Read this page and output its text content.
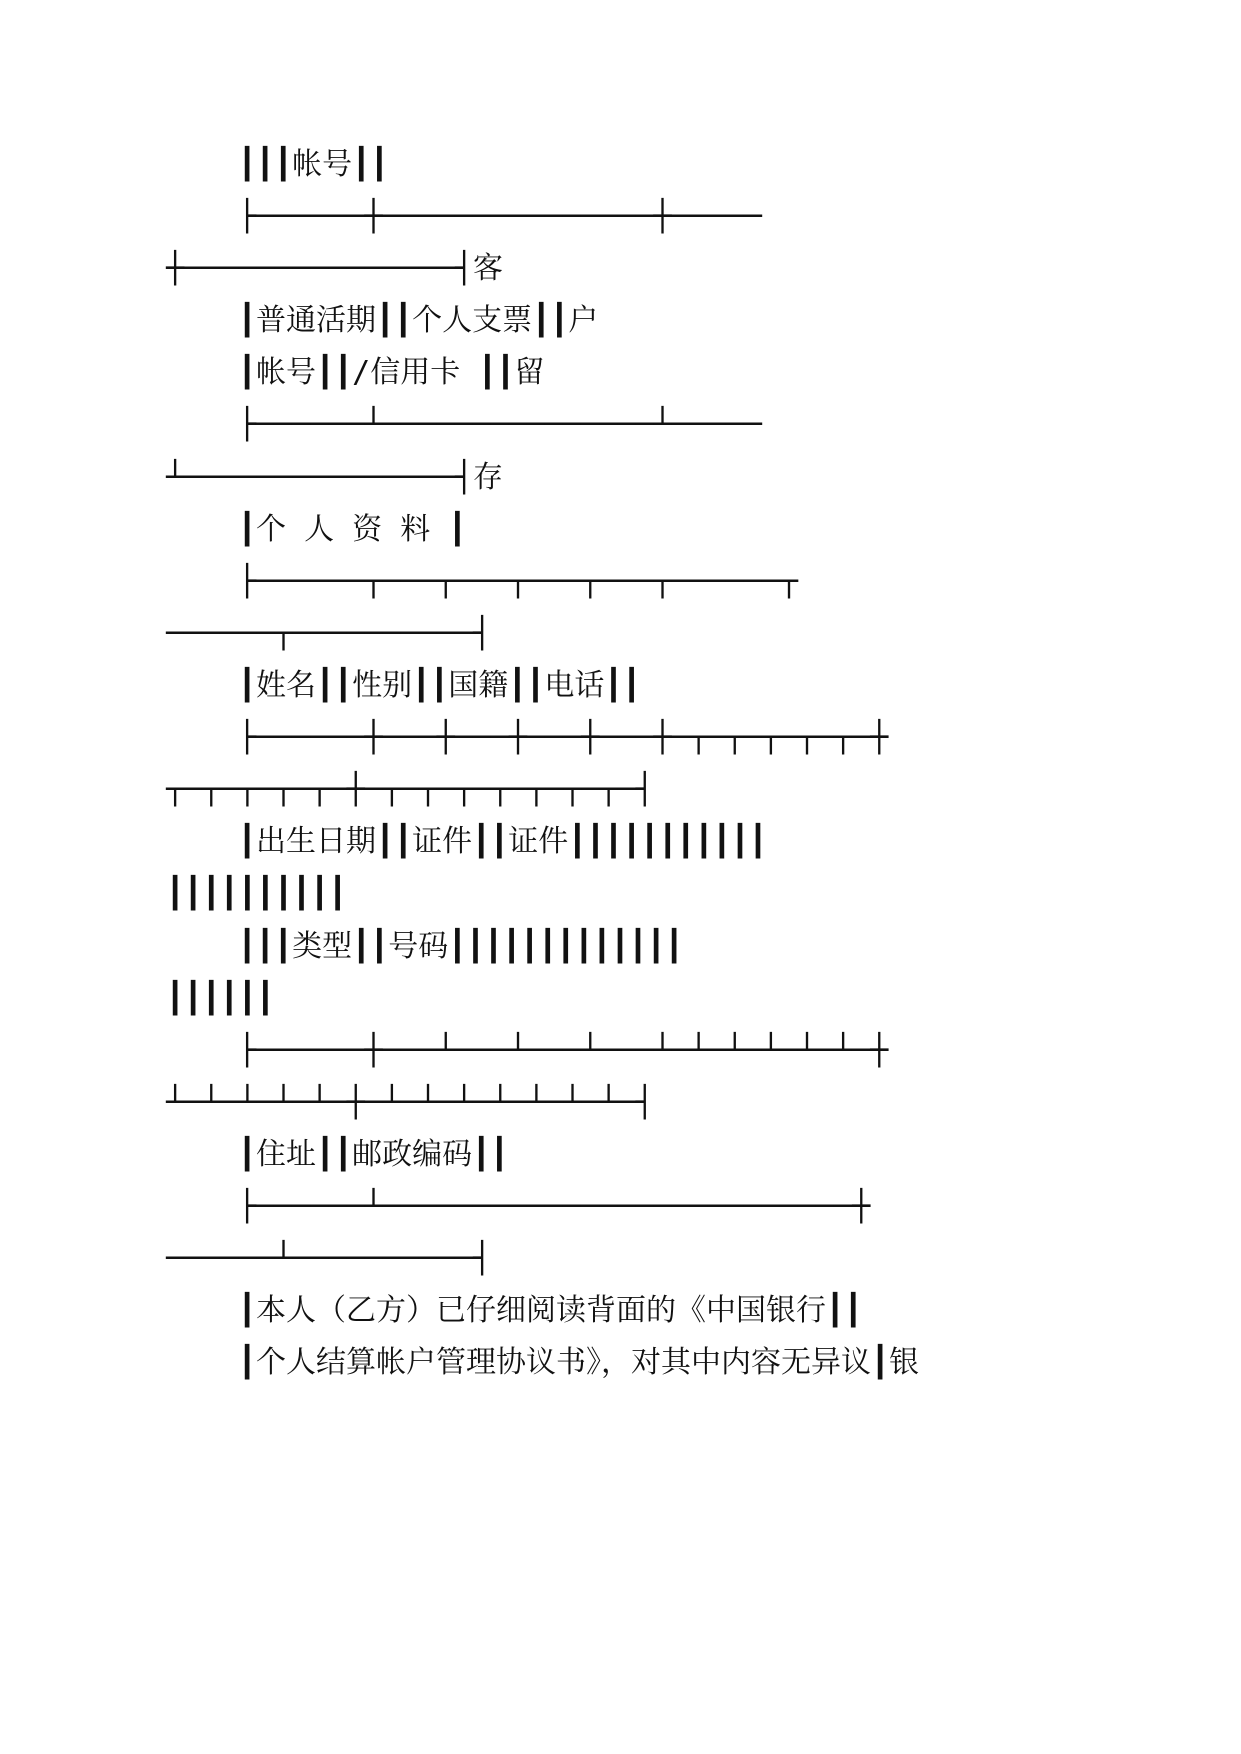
┃┃┃帐号┃┃
├──────┼───────────────┼─────
┼───────────────┤客
┃普通活期┃┃个人支票┃┃户
┃帐号┃┃/信用卡 ┃┃留
├──────┴───────────────┴─────
┴───────────────┤存
┃个 人 资 料 ┃
├──────┬───┬───┬───┬───┬──────┬
──────┬──────────┤
┃姓名┃┃性别┃┃国籍┃┃电话┃┃
├──────┼───┼───┼───┼───┼─┬─┬─┬─┬─┬─┼
┬─┬─┬─┬─┬─┼─┬─┬─┬─┬─┬─┬─┬─┤
┃出生日期┃┃证件┃┃证件┃┃┃┃┃┃┃┃┃┃┃
┃┃┃┃┃┃┃┃┃┃
┃┃┃类型┃┃号码┃┃┃┃┃┃┃┃┃┃┃┃┃
┃┃┃┃┃┃
├──────┼───┴───┴───┴───┴─┴─┴─┴─┴─┴─┼
┴─┴─┴─┴─┴─┼─┴─┴─┴─┴─┴─┴─┴─┤
┃住址┃┃邮政编码┃┃
├──────┴──────────────────────────┼
──────┴──────────┤
┃本人（乙方）已仔细阅读背面的《中国银行┃┃
┃个人结算帐户管理协议书》，对其中内容无异议┃银
